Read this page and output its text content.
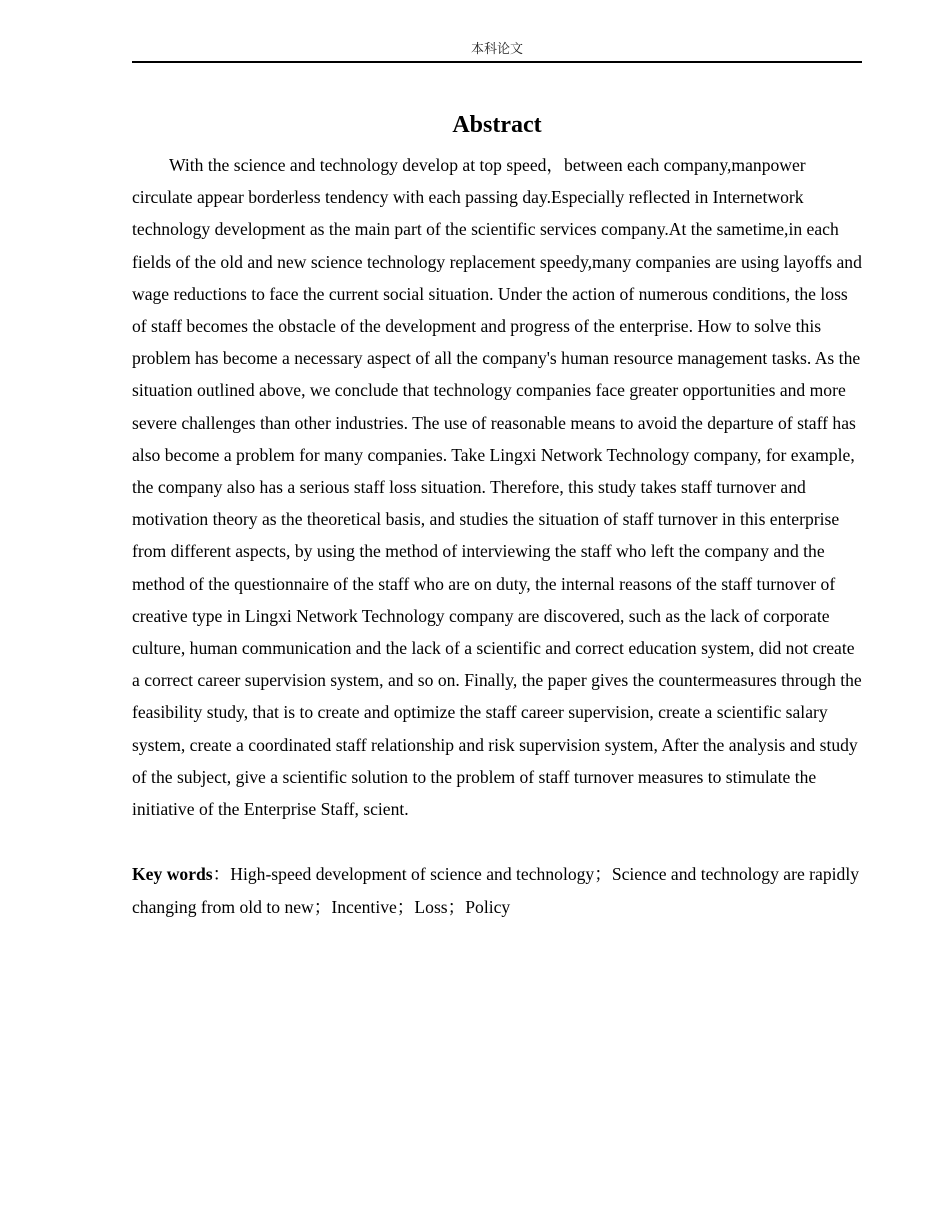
本科论文
Abstract

With the science and technology develop at top speed，between each company,manpower circulate appear borderless tendency with each passing day.Especially reflected in Internetwork technology development as the main part of the scientific services company.At the sametime,in each fields of the old and new science technology replacement speedy,many companies are using layoffs and wage reductions to face the current social situation. Under the action of numerous conditions, the loss of staff becomes the obstacle of the development and progress of the enterprise. How to solve this problem has become a necessary aspect of all the company's human resource management tasks. As the situation outlined above, we conclude that technology companies face greater opportunities and more severe challenges than other industries. The use of reasonable means to avoid the departure of staff has also become a problem for many companies. Take Lingxi Network Technology company, for example, the company also has a serious staff loss situation. Therefore, this study takes staff turnover and motivation theory as the theoretical basis, and studies the situation of staff turnover in this enterprise from different aspects, by using the method of interviewing the staff who left the company and the method of the questionnaire of the staff who are on duty, the internal reasons of the staff turnover of creative type in Lingxi Network Technology company are discovered, such as the lack of corporate culture, human communication and the lack of a scientific and correct education system, did not create a correct career supervision system, and so on. Finally, the paper gives the countermeasures through the feasibility study, that is to create and optimize the staff career supervision, create a scientific salary system, create a coordinated staff relationship and risk supervision system, After the analysis and study of the subject, give a scientific solution to the problem of staff turnover measures to stimulate the initiative of the Enterprise Staff, scient.

Key words：High-speed development of science and technology；Science and technology are rapidly changing from old to new；Incentive；Loss；Policy
